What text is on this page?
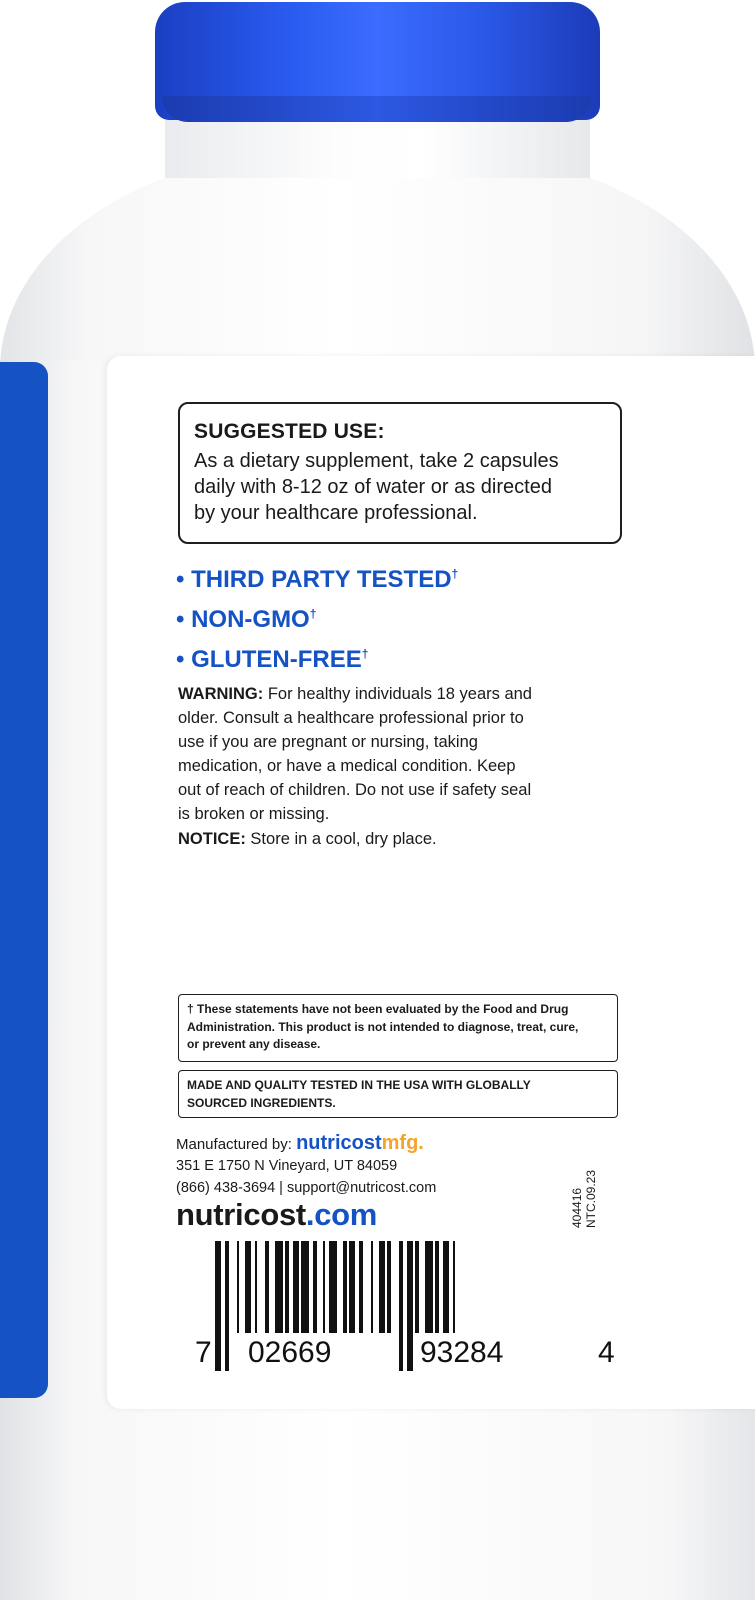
SUGGESTED USE:
As a dietary supplement, take 2 capsules
daily with 8-12 oz of water or as directed
by your healthcare professional.
• THIRD PARTY TESTED†
• NON-GMO†
• GLUTEN-FREE†
WARNING: For healthy individuals 18 years and
older. Consult a healthcare professional prior to
use if you are pregnant or nursing, taking
medication, or have a medical condition. Keep
out of reach of children. Do not use if safety seal
is broken or missing.
NOTICE: Store in a cool, dry place.
† These statements have not been evaluated by the Food and Drug
Administration. This product is not intended to diagnose, treat, cure,
or prevent any disease.
MADE AND QUALITY TESTED IN THE USA WITH GLOBALLY
SOURCED INGREDIENTS.
Manufactured by: nutricostmfg.
351 E 1750 N Vineyard, UT 84059
(866) 438-3694 | support@nutricost.com
nutricost.com	404416 NTC.09.23
7 02669	93284	4
